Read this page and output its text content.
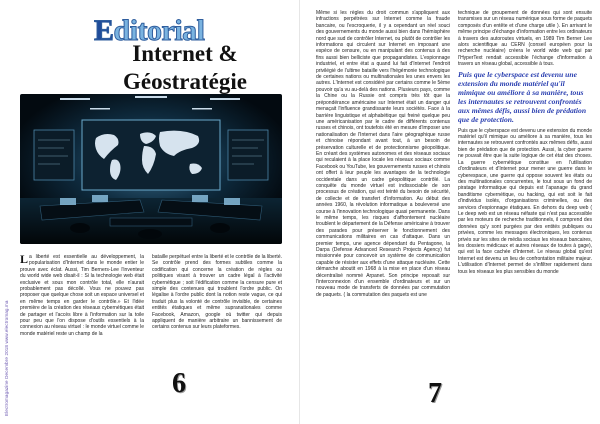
Electromagazine Decembre 2018 www.electromag.ma
Editorial
Internet & Géostratégie

La liberté est essentielle au développement, la popularisation d'Internet dans le monde entier le prouve avec éclat. Aussi, Tim Berners-Lee l'inventeur du world wide web disait-il : Si la technologie web était exclusive et sous mon contrôle total, elle n'aurait probablement pas décollé. Vous ne pouvez pas proposer que quelque chose soit un espace universel et en même temps en garder le contrôle.» Et l'idée première de la création des réseaux cybernétiques était de partager et l'accès libre à l'information sur la toile pour peu que l'on dispose d'outils essentiels à la connexion au réseau virtuel : le monde virtuel comme le monde matériel reste un champ de la

bataille perpétuel entre la liberté et le contrôle de la liberté. Se contrôle prend des formes subtiles comme la codification qui concerne la création de règles ou politiques visant à trouver un cadre légal à l'activité cybernétique ; soit l'édification comme la censure pure et simple des contenues qui troublent l'ordre public. On légalise à l'ordre public dont la notion reste vague, ce qui traduit plus la volonté de contrôle invisible, de certaines entités étatiques et même supranationales comme Facebook, Amazon, google où twitter qui depuis appliquent de manière arbitraire un bannissement de certains contenus sur leurs plateformes.

6

Même si les règles du droit commun s'appliquent aux infractions perpétrées sur Internet comme la fraude bancaire, ou l'escroquerie, il y a cependant un réel souci des gouvernements du monde aussi bien dans l'hémisphère nord que sud de contrôler Internet, ou plutôt de contrôler les informations qui circulent sur Internet en imposant une espèce de censure, ou en manipulant des contenus à des fins aussi bien belliciste que propagandistes. L'espionnage industriel, et entre état a quand lui fait d'Internet l'endroit privilégié de l'ultime bataille vers l'hégémonie technologique de certaines nations ou multinationales les unes envers les autres. L'Internet est considéré par certains comme le 5ème pouvoir qu'a vu au-delà des nations. Plusieurs pays, comme la Chine ou la Russie ont compris très tôt que la prépondérance américaine sur Internet était un danger qui menaçait l'influence grandissante leurs sociétés. Face à la barrière linguistique et alphabétique qui freiné quelque peu une américanisation par le cadre de différents contenus russes et chinois, ont toutefois été en mesure d'imposer une nationalisation de l'Internet dans l'aire géographique russe et chinoise répondant avant tout, à un besoin de préservation culturelle et de protectionnisme géopolitique. En créant des systèmes autonomes et des réseaux sociaux qui reculaient à la place locale les réseaux sociaux comme Facebook ou YouTube, les gouvernements russes et chinois ont offert à leur peuple les avantages de la technologie occidentale dans un cadre géopolitique contrôlé. La conquête du monde virtuel est indissociable de son processus de création, qui est teinté du besoin de sécurité, de collecte et de transfert d'information. Au début des années 1960, la révolution informatique a bouleversé une course à l'innovation technologique quasi permanente. Dans le même temps, les risques d'affrontement nucléaire troublent le département de la Défense américaine à trouver des parades pour préserver le fonctionnement des communications militaires en cas d'attaque. Dans un premier temps, une agence dépendant du Pentagone, la Darpa (Defense Advanced Research Projects Agency) fut missionnée pour concevoir un système de communication capable de résister aux effets d'une attaque nucléaire. Cette démarche aboutit en 1968 à la mise en place d'un réseau décentralisé nommé Arpanet. Son principe reposait sur l'interconnexion d'un ensemble d'ordinateurs et sur un nouveau mode de transferts de données par commutation de paquets. ( la commutation des paquets est une

technique de groupement de données qui sont ensuite transmises sur un réseau numérique sous forme de paquets composés d'un entête et d'une charge utile ). En arrivant le même principe d'échange d'information entre les ordinateurs à travers des autoroutes virtuels, en 1989 Tim Berner Lee alors scientifique au CERN (conseil européen pour la recherche nucléaire) créera le world wide web qui par l'HyperText rendait accessible l'échange d'information à travers un réseau global, accessible à tous.

Puis que le cyberspace est devenu une extension du monde matériel qu'il mimique ou améliore à sa manière, tous les internautes se retrouvent confrontés aux mêmes défis, aussi bien de prédation que de protection.

Puis que le cyberspace est devenu une extension du monde matériel qu'il mimique ou améliore à sa manière, tous les internautes se retrouvent confrontés aux mêmes défis, aussi bien de prédation que de protection. Aussi, la cyber guerre ne pouvait être que la suite logique de cet état des choses. La guerre cybernétique constitue en l'utilisation d'ordinateurs et d'Internet pour mener une guerre dans le cyberespace, une guerre qui oppose souvent les états ou des multinationales concurrentes, le tout sous un fond de piratage informatique qui depuis est l'apanage du grand banditisme cybernétique, ou hacking, qui est soit le fait d'individus isolés, d'organisations criminelles, ou des services d'espionnage étatiques. En dehors du deep web ( Le deep web est un réseau néfaste qui n'est pas accessible par les moteurs de recherche traditionnels, il comprend des données qu'y sont purgées par des entités publiques ou privées, comme les messages électroniques, les contenus privés sur les sites de média sociaux les réseaux bancaires, les dossiers médicaux et autres réseaux de toutes à gage), qui est la face cachée d'Internet. Le réseau global qu'est Internet est devenu un lieu de confrontation militaire majeur. L'utilisation d'Internet permet de s'infiltrer rapidement dans tous les réseaux les plus sensibles du monde

7
